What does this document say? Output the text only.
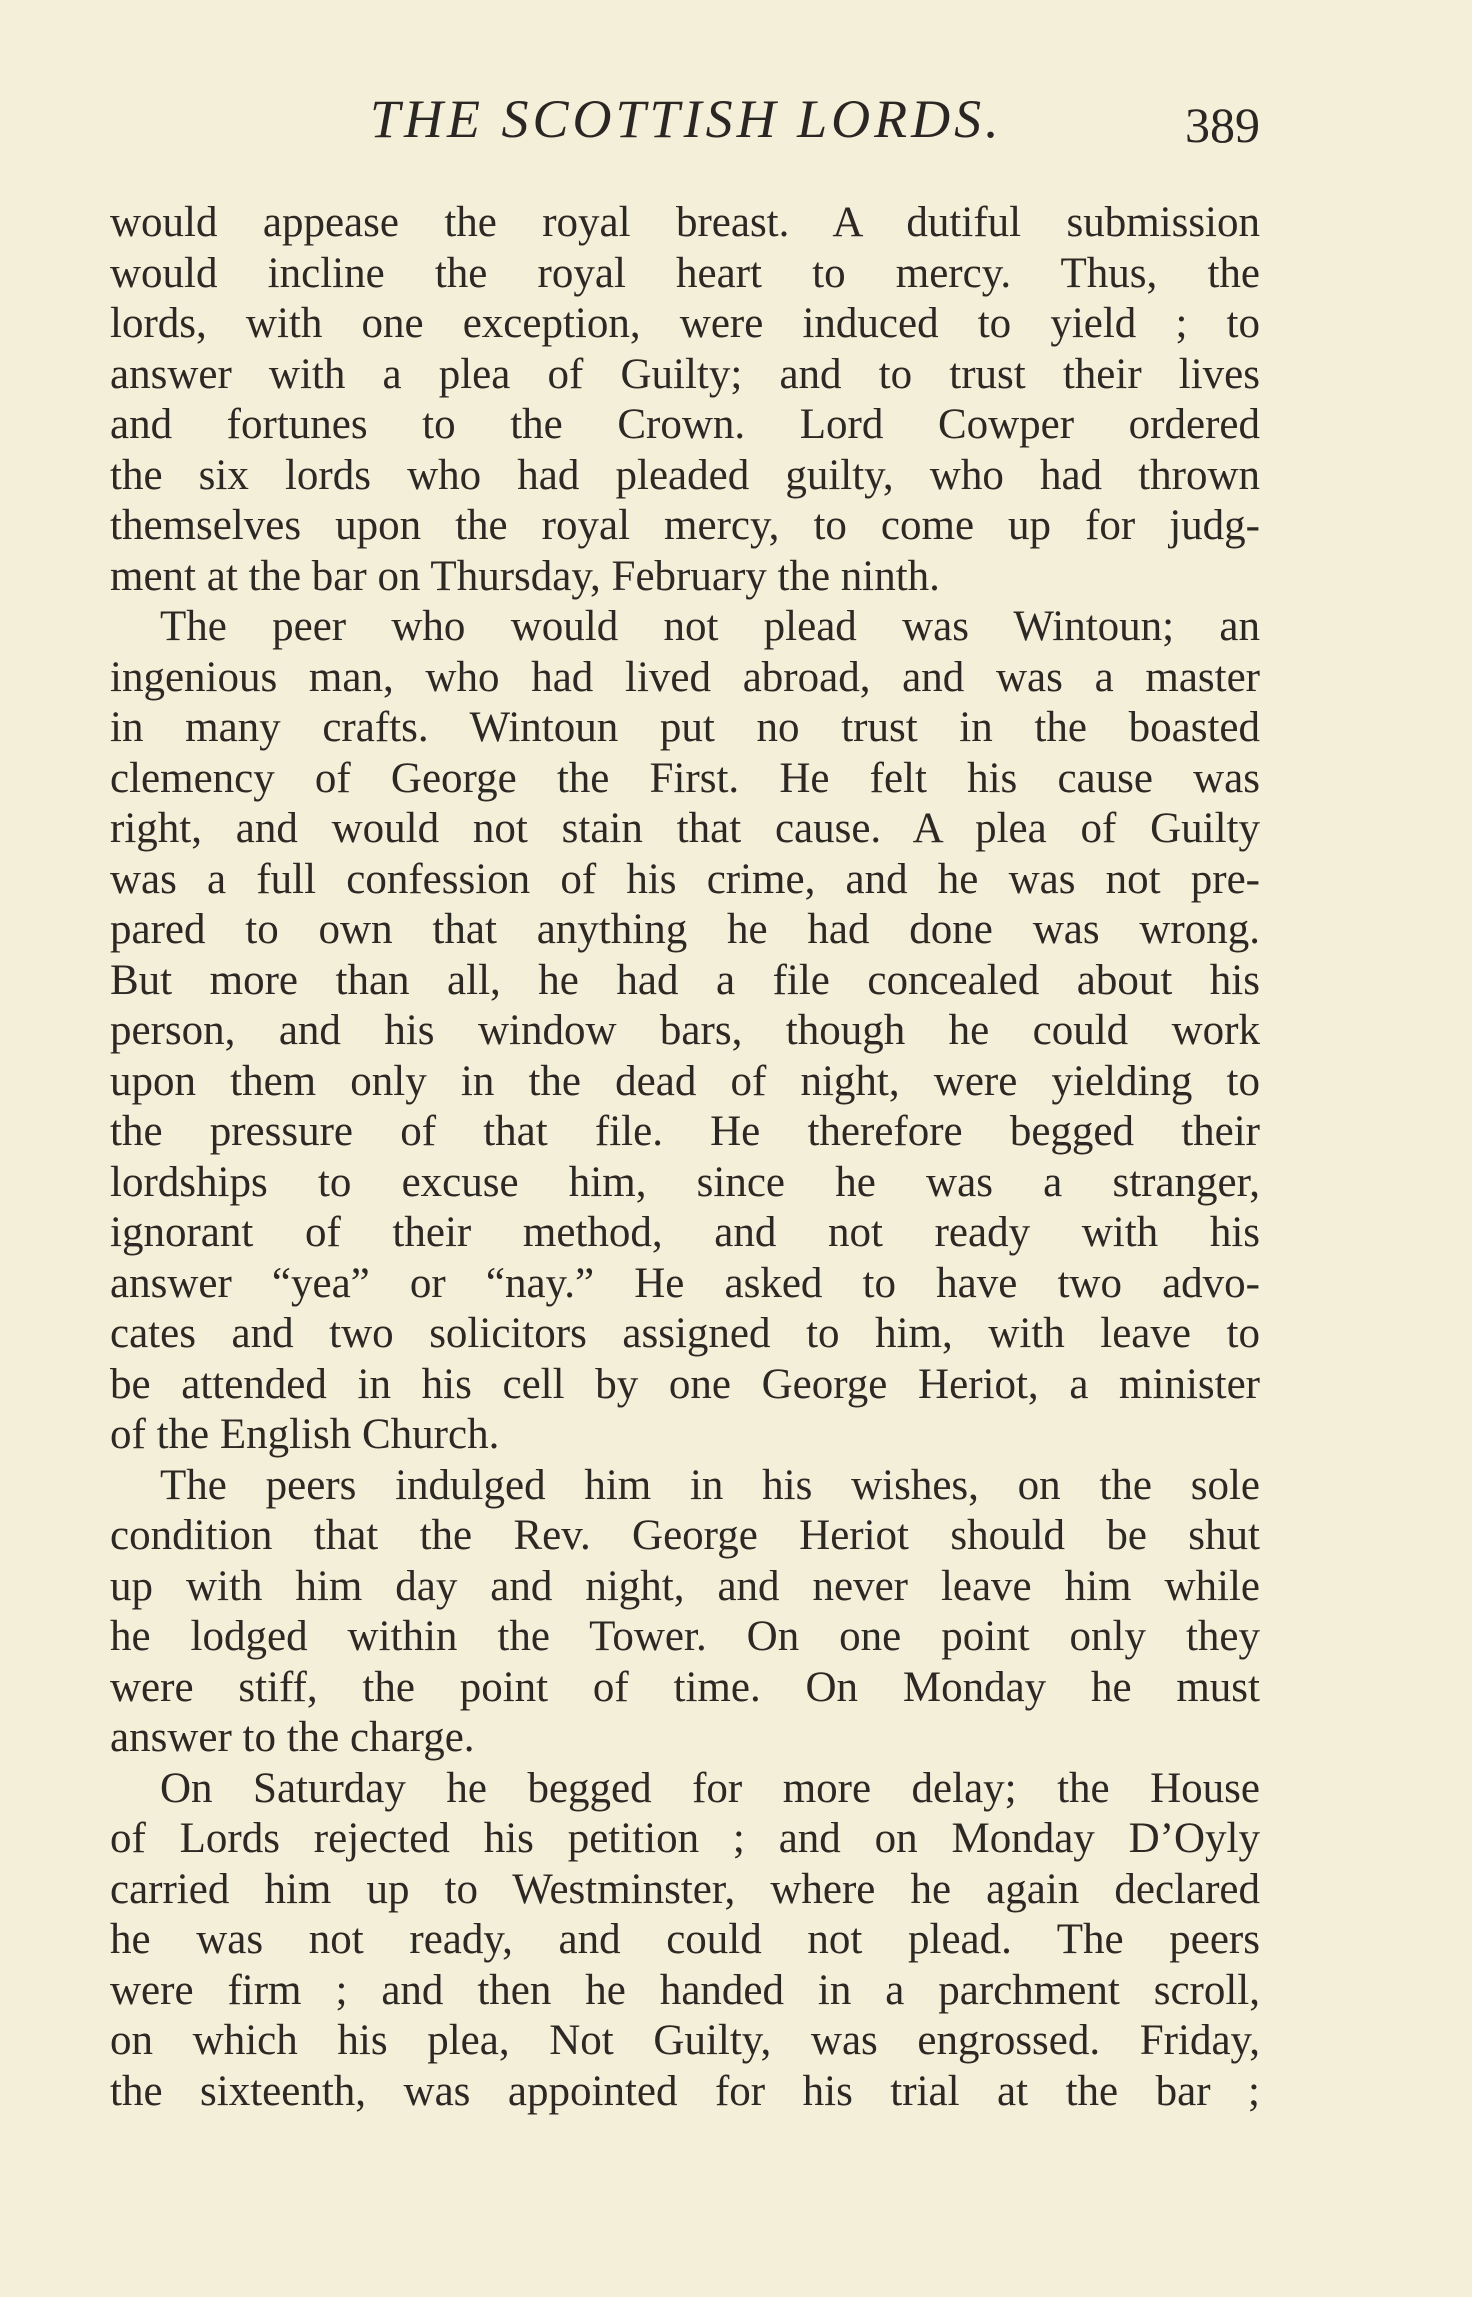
THE SCOTTISH LORDS.	389
would appease the royal breast. A dutiful submission
would incline the royal heart to mercy. Thus, the
lords, with one exception, were induced to yield ; to
answer with a plea of Guilty; and to trust their lives
and fortunes to the Crown. Lord Cowper ordered
the six lords who had pleaded guilty, who had thrown
themselves upon the royal mercy, to come up for judg-
ment at the bar on Thursday, February the ninth.
The peer who would not plead was Wintoun; an
ingenious man, who had lived abroad, and was a master
in many crafts. Wintoun put no trust in the boasted
clemency of George the First. He felt his cause was
right, and would not stain that cause. A plea of Guilty
was a full confession of his crime, and he was not pre-
pared to own that anything he had done was wrong.
But more than all, he had a file concealed about his
person, and his window bars, though he could work
upon them only in the dead of night, were yielding to
the pressure of that file. He therefore begged their
lordships to excuse him, since he was a stranger,
ignorant of their method, and not ready with his
answer “yea” or “nay.” He asked to have two advo-
cates and two solicitors assigned to him, with leave to
be attended in his cell by one George Heriot, a minister
of the English Church.
The peers indulged him in his wishes, on the sole
condition that the Rev. George Heriot should be shut
up with him day and night, and never leave him while
he lodged within the Tower. On one point only they
were stiff, the point of time. On Monday he must
answer to the charge.
On Saturday he begged for more delay; the House
of Lords rejected his petition ; and on Monday D’Oyly
carried him up to Westminster, where he again declared
he was not ready, and could not plead. The peers
were firm ; and then he handed in a parchment scroll,
on which his plea, Not Guilty, was engrossed. Friday,
the sixteenth, was appointed for his trial at the bar ;
